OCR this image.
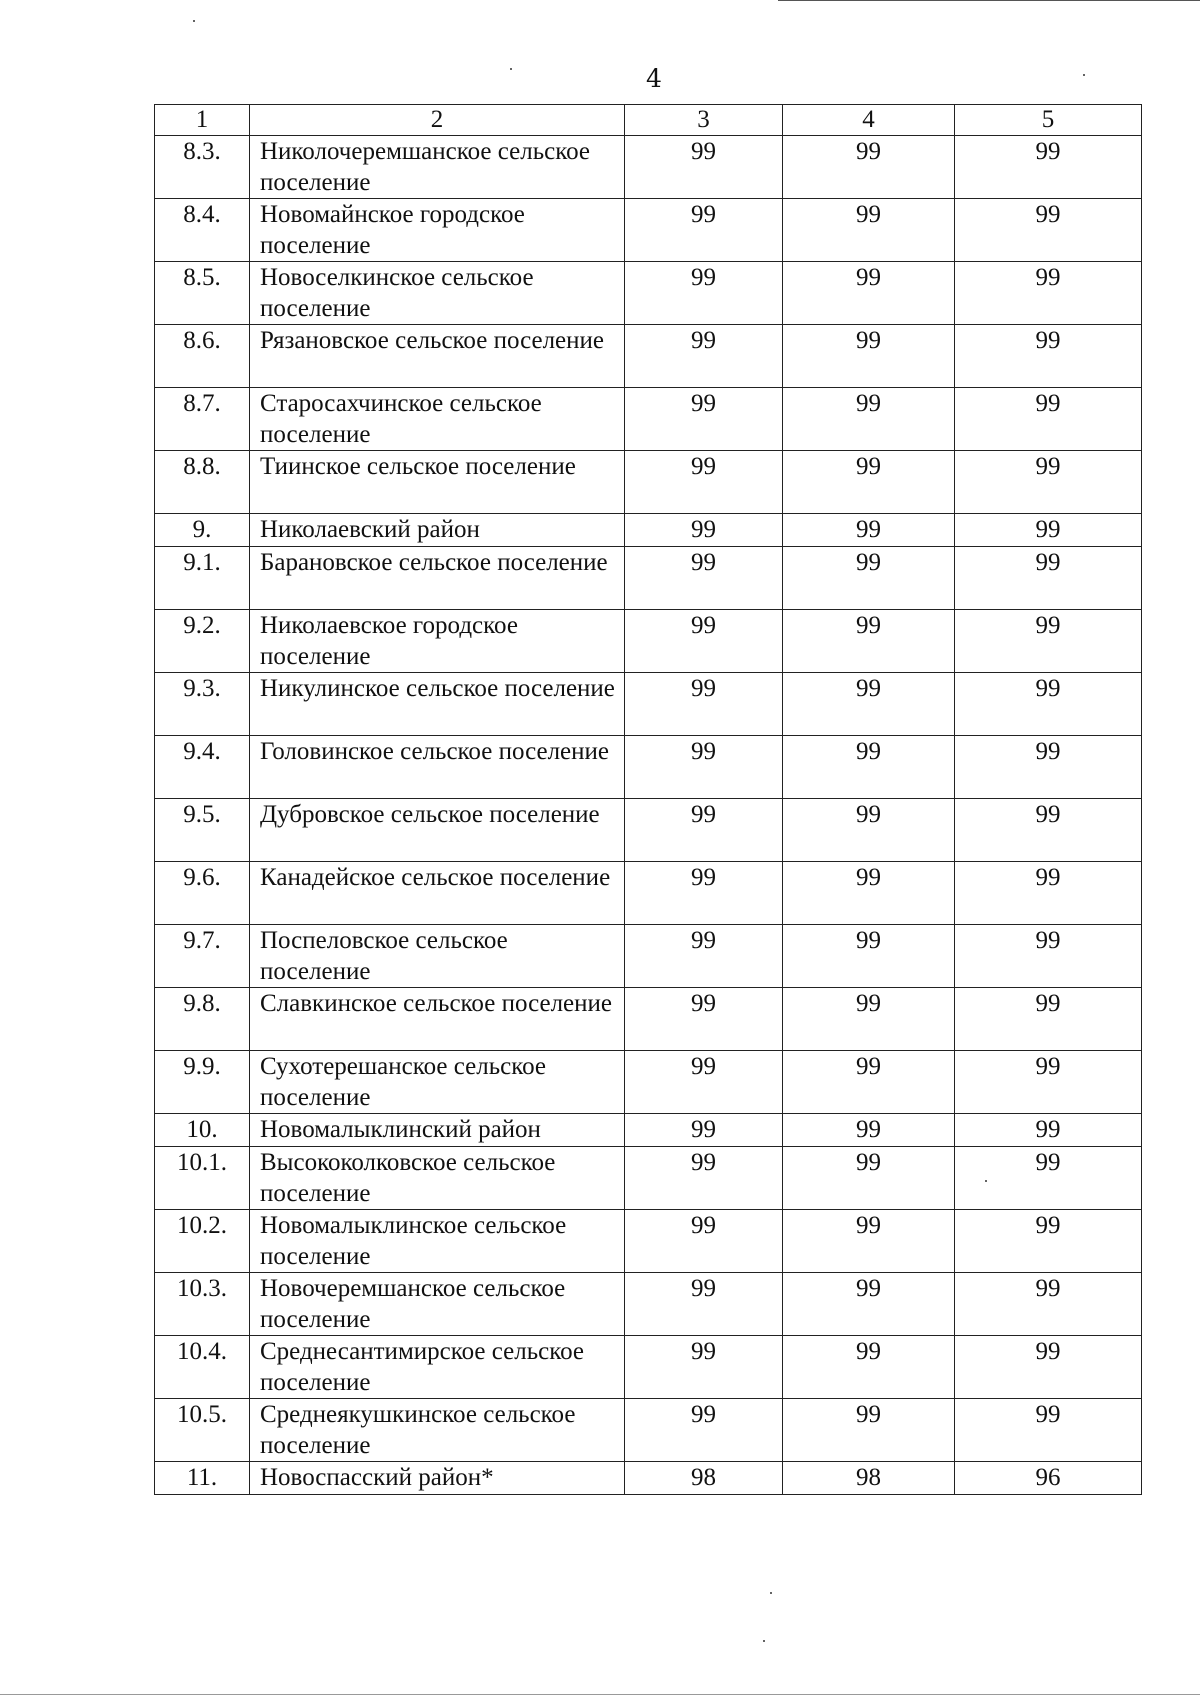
4
1	2	3	4	5
8.3.	Николочеремшанское сельское поселение	99	99	99
8.4.	Новомайнское городское поселение	99	99	99
8.5.	Новоселкинское сельское поселение	99	99	99
8.6.	Рязановское сельское поселение	99	99	99
8.7.	Старосахчинское сельское поселение	99	99	99
8.8.	Тиинское сельское поселение	99	99	99
9.	Николаевский район	99	99	99
9.1.	Барановское сельское поселение	99	99	99
9.2.	Николаевское городское поселение	99	99	99
9.3.	Никулинское сельское поселение	99	99	99
9.4.	Головинское сельское поселение	99	99	99
9.5.	Дубровское сельское поселение	99	99	99
9.6.	Канадейское сельское поселение	99	99	99
9.7.	Поспеловское сельское поселение	99	99	99
9.8.	Славкинское сельское поселение	99	99	99
9.9.	Сухотерешанское сельское поселение	99	99	99
10.	Новомалыклинский район	99	99	99
10.1.	Высококолковское сельское поселение	99	99	99
10.2.	Новомалыклинское сельское поселение	99	99	99
10.3.	Новочеремшанское сельское поселение	99	99	99
10.4.	Среднесантимирское сельское поселение	99	99	99
10.5.	Среднеякушкинское сельское поселение	99	99	99
11.	Новоспасский район*	98	98	96
